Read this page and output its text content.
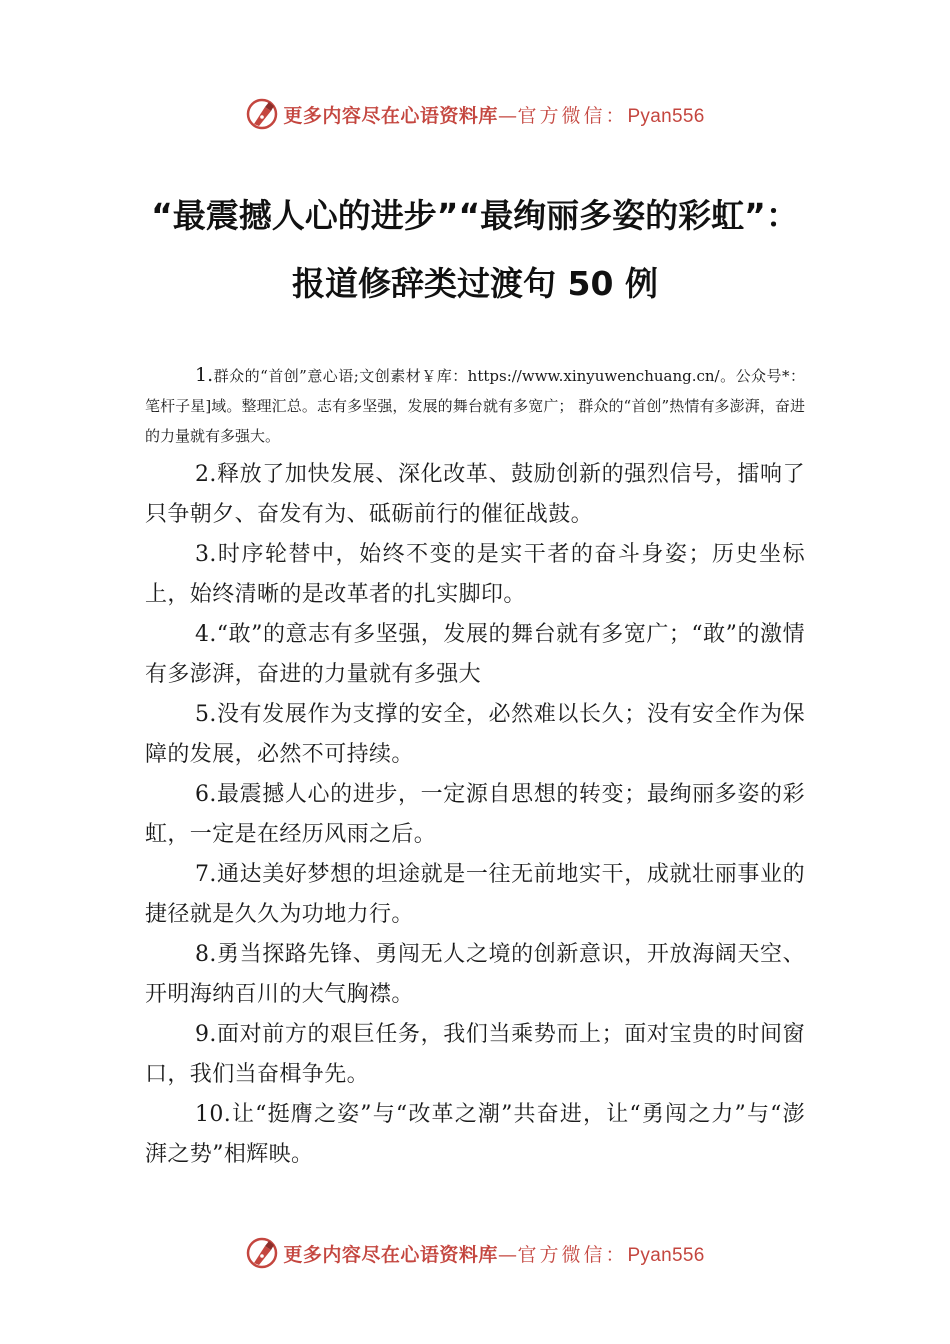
更多内容尽在心语资料库—官方微信：Pyan556
“最震撼人心的进步”“最绚丽多姿的彩虹”：
报道修辞类过渡句 50 例

1.群众的“首创”意心语;文创素材￥库：https://www.xinyuwenchuang.cn/。公众号*：笔杆子星]域。整理汇总。志有多坚强，发展的舞台就有多宽广； 群众的“首创”热情有多澎湃，奋进的力量就有多强大。

2.释放了加快发展、深化改革、鼓励创新的强烈信号，擂响了只争朝夕、奋发有为、砥砺前行的催征战鼓。

3.时序轮替中，始终不变的是实干者的奋斗身姿；历史坐标上，始终清晰的是改革者的扎实脚印。

4.“敢”的意志有多坚强，发展的舞台就有多宽广；“敢”的激情有多澎湃，奋进的力量就有多强大

5.没有发展作为支撑的安全，必然难以长久；没有安全作为保障的发展，必然不可持续。

6.最震撼人心的进步，一定源自思想的转变；最绚丽多姿的彩虹，一定是在经历风雨之后。

7.通达美好梦想的坦途就是一往无前地实干，成就壮丽事业的捷径就是久久为功地力行。

8.勇当探路先锋、勇闯无人之境的创新意识，开放海阔天空、开明海纳百川的大气胸襟。

9.面对前方的艰巨任务，我们当乘势而上；面对宝贵的时间窗口，我们当奋楫争先。

10.让“挺膺之姿”与“改革之潮”共奋进，让“勇闯之力”与“澎湃之势”相辉映。

更多内容尽在心语资料库—官方微信：Pyan556
